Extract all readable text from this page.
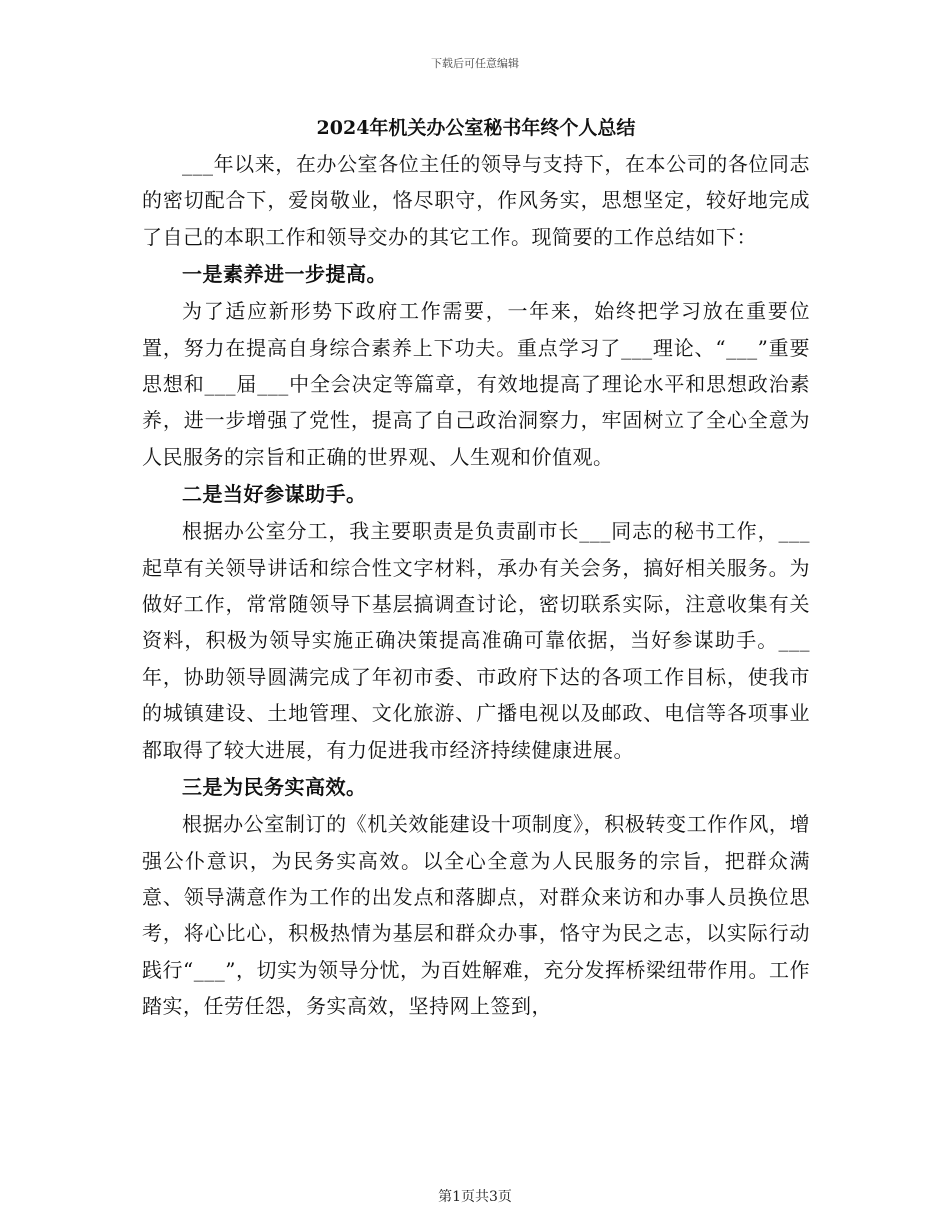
下载后可任意编辑

2024年机关办公室秘书年终个人总结

___年以来，在办公室各位主任的领导与支持下，在本公司的各位同志的密切配合下，爱岗敬业，恪尽职守，作风务实，思想坚定，较好地完成了自己的本职工作和领导交办的其它工作。现简要的工作总结如下：

一是素养进一步提高。

为了适应新形势下政府工作需要，一年来，始终把学习放在重要位置，努力在提高自身综合素养上下功夫。重点学习了___理论、“___”重要思想和___届___中全会决定等篇章，有效地提高了理论水平和思想政治素养，进一步增强了党性，提高了自己政治洞察力，牢固树立了全心全意为人民服务的宗旨和正确的世界观、人生观和价值观。

二是当好参谋助手。

根据办公室分工，我主要职责是负责副市长___同志的秘书工作，___起草有关领导讲话和综合性文字材料，承办有关会务，搞好相关服务。为做好工作，常常随领导下基层搞调查讨论，密切联系实际，注意收集有关资料，积极为领导实施正确决策提高准确可靠依据，当好参谋助手。___年，协助领导圆满完成了年初市委、市政府下达的各项工作目标，使我市的城镇建设、土地管理、文化旅游、广播电视以及邮政、电信等各项事业都取得了较大进展，有力促进我市经济持续健康进展。

三是为民务实高效。

根据办公室制订的《机关效能建设十项制度》，积极转变工作作风，增强公仆意识，为民务实高效。以全心全意为人民服务的宗旨，把群众满意、领导满意作为工作的出发点和落脚点，对群众来访和办事人员换位思考，将心比心，积极热情为基层和群众办事，恪守为民之志，以实际行动践行“___”，切实为领导分忧，为百姓解难，充分发挥桥梁纽带作用。工作踏实，任劳任怨，务实高效，坚持网上签到，

第1页共3页
